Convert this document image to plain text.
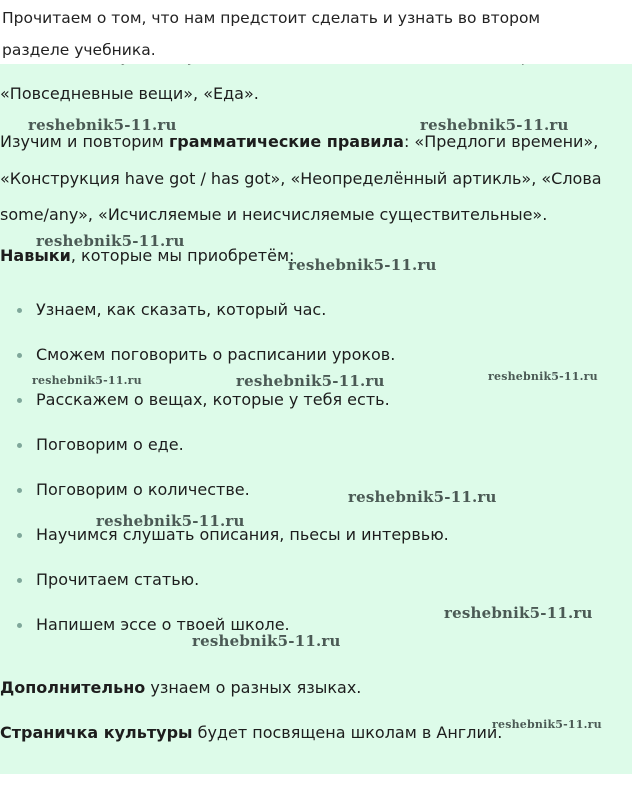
Прочитаем о том, что нам предстоит сделать и узнать во втором разделе учебника.
«Повседневные вещи», «Еда».
Изучим и повторим грамматические правила: «Предлоги времени», «Конструкция have got / has got», «Неопределённый артикль», «Слова some/any», «Исчисляемые и неисчисляемые существительные».
Навыки, которые мы приобретём:
Узнаем, как сказать, который час.
Сможем поговорить о расписании уроков.
Расскажем о вещах, которые у тебя есть.
Поговорим о еде.
Поговорим о количестве.
Научимся слушать описания, пьесы и интервью.
Прочитаем статью.
Напишем эссе о твоей школе.
Дополнительно узнаем о разных языках.
Страничка культуры будет посвящена школам в Англии.
reshebnik5-11.ru	reshebnik5-11.ru
reshebnik5-11.ru
reshebnik5-11.ru
reshebnik5-11.ru	reshebnik5-11.ru	reshebnik5-11.ru
reshebnik5-11.ru
reshebnik5-11.ru
reshebnik5-11.ru
reshebnik5-11.ru
reshebnik5-11.ru
